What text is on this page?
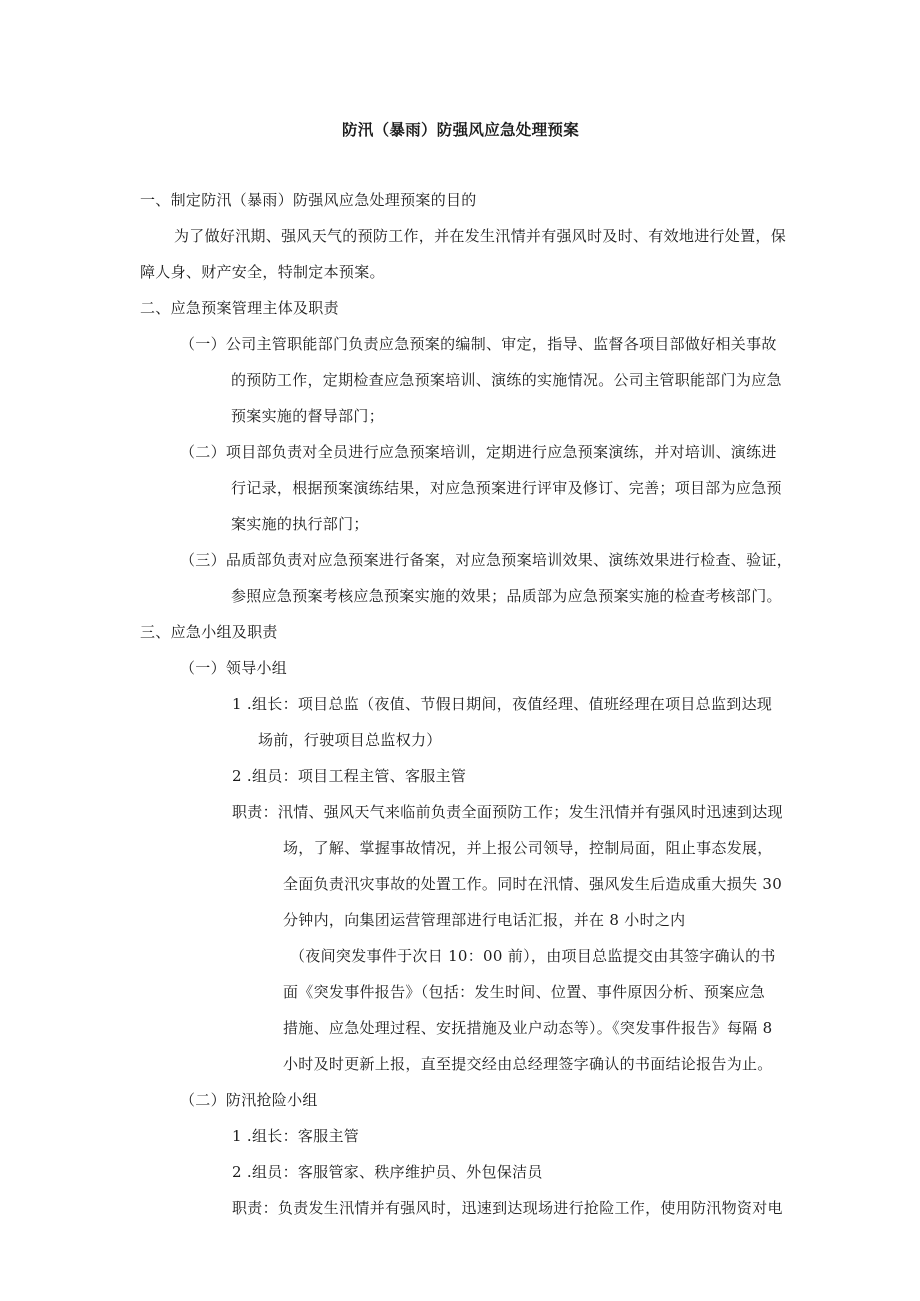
防汛（暴雨）防强风应急处理预案
一、制定防汛（暴雨）防强风应急处理预案的目的
为了做好汛期、强风天气的预防工作，并在发生汛情并有强风时及时、有效地进行处置，保
障人身、财产安全，特制定本预案。
二、应急预案管理主体及职责
（一）公司主管职能部门负责应急预案的编制、审定，指导、监督各项目部做好相关事故
的预防工作，定期检查应急预案培训、演练的实施情况。公司主管职能部门为应急
预案实施的督导部门；
（二）项目部负责对全员进行应急预案培训，定期进行应急预案演练，并对培训、演练进
行记录，根据预案演练结果，对应急预案进行评审及修订、完善；项目部为应急预
案实施的执行部门；
（三）品质部负责对应急预案进行备案，对应急预案培训效果、演练效果进行检查、验证，
参照应急预案考核应急预案实施的效果；品质部为应急预案实施的检查考核部门。
三、应急小组及职责
（一）领导小组
1 .组长：项目总监（夜值、节假日期间，夜值经理、值班经理在项目总监到达现
场前，行驶项目总监权力）
2 .组员：项目工程主管、客服主管
职责：汛情、强风天气来临前负责全面预防工作；发生汛情并有强风时迅速到达现
场，了解、掌握事故情况，并上报公司领导，控制局面，阻止事态发展，
全面负责汛灾事故的处置工作。同时在汛情、强风发生后造成重大损失 30
分钟内，向集团运营管理部进行电话汇报，并在 8 小时之内
（夜间突发事件于次日 10：00 前），由项目总监提交由其签字确认的书
面《突发事件报告》（包括：发生时间、位置、事件原因分析、预案应急
措施、应急处理过程、安抚措施及业户动态等）。《突发事件报告》每隔 8
小时及时更新上报，直至提交经由总经理签字确认的书面结论报告为止。
（二）防汛抢险小组
1 .组长：客服主管
2 .组员：客服管家、秩序维护员、外包保洁员
职责：负责发生汛情并有强风时，迅速到达现场进行抢险工作，使用防汛物资对电
